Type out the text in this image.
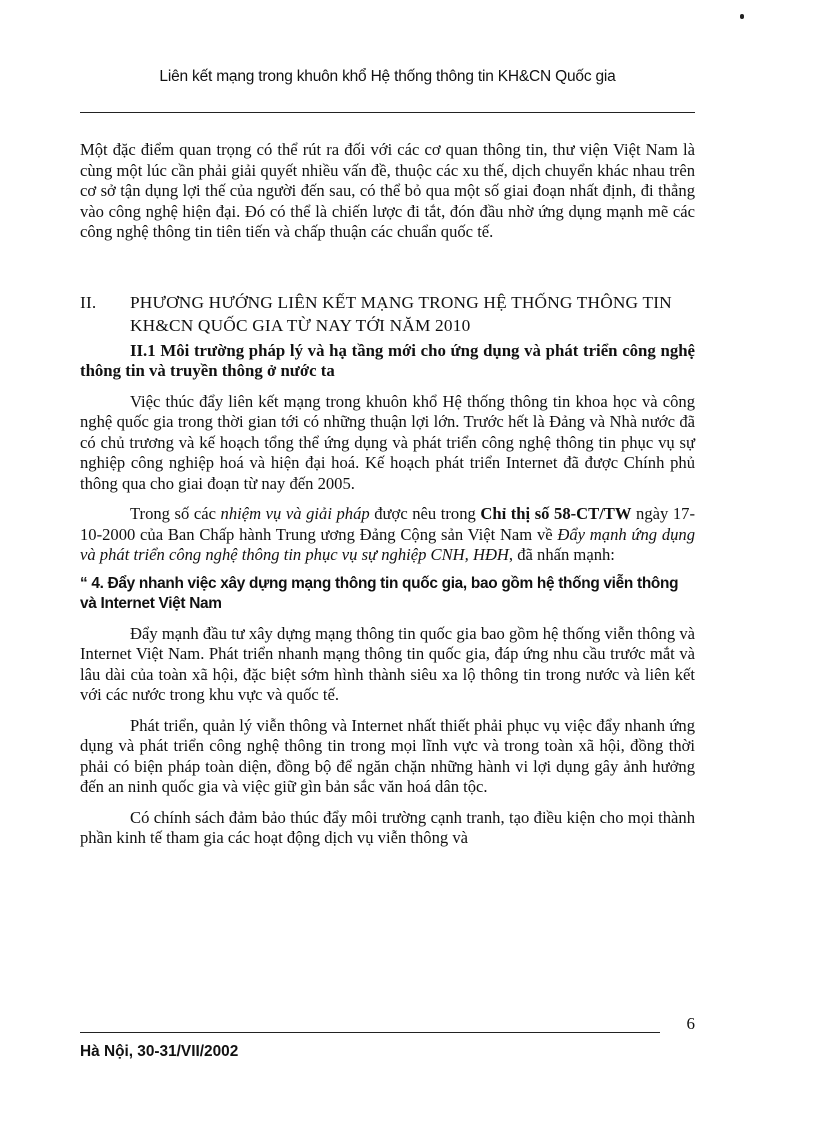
Liên kết mạng trong khuôn khổ Hệ thống thông tin KH&CN Quốc gia

Một đặc điểm quan trọng có thể rút ra đối với các cơ quan thông tin, thư viện Việt Nam là cùng một lúc cần phải giải quyết nhiều vấn đề, thuộc các xu thế, dịch chuyển khác nhau trên cơ sở tận dụng lợi thế của người đến sau, có thể bỏ qua một số giai đoạn nhất định, đi thẳng vào công nghệ hiện đại. Đó có thể là chiến lược đi tắt, đón đầu nhờ ứng dụng mạnh mẽ các công nghệ thông tin tiên tiến và chấp thuận các chuẩn quốc tế.

II.	PHƯƠNG HƯỚNG LIÊN KẾT MẠNG TRONG HỆ THỐNG THÔNG TIN KH&CN QUỐC GIA TỪ NAY TỚI NĂM 2010
II.1 Môi trường pháp lý và hạ tầng mới cho ứng dụng và phát triển công nghệ thông tin và truyền thông ở nước ta

Việc thúc đẩy liên kết mạng trong khuôn khổ Hệ thống thông tin khoa học và công nghệ quốc gia trong thời gian tới có những thuận lợi lớn. Trước hết là Đảng và Nhà nước đã có chủ trương và kế hoạch tổng thể ứng dụng và phát triển công nghệ thông tin phục vụ sự nghiệp công nghiệp hoá và hiện đại hoá. Kế hoạch phát triển Internet đã được Chính phủ thông qua cho giai đoạn từ nay đến 2005.

Trong số các nhiệm vụ và giải pháp được nêu trong Chỉ thị số 58-CT/TW ngày 17-10-2000 của Ban Chấp hành Trung ương Đảng Cộng sản Việt Nam về Đẩy mạnh ứng dụng và phát triển công nghệ thông tin phục vụ sự nghiệp CNH, HĐH, đã nhấn mạnh:

“ 4. Đẩy nhanh việc xây dựng mạng thông tin quốc gia, bao gồm hệ thống viễn thông và Internet Việt Nam

Đẩy mạnh đầu tư xây dựng mạng thông tin quốc gia bao gồm hệ thống viễn thông và Internet Việt Nam. Phát triển nhanh mạng thông tin quốc gia, đáp ứng nhu cầu trước mắt và lâu dài của toàn xã hội, đặc biệt sớm hình thành siêu xa lộ thông tin trong nước và liên kết với các nước trong khu vực và quốc tế.

Phát triển, quản lý viễn thông và Internet nhất thiết phải phục vụ việc đẩy nhanh ứng dụng và phát triển công nghệ thông tin trong mọi lĩnh vực và trong toàn xã hội, đồng thời phải có biện pháp toàn diện, đồng bộ để ngăn chặn những hành vi lợi dụng gây ảnh hưởng đến an ninh quốc gia và việc giữ gìn bản sắc văn hoá dân tộc.

Có chính sách đảm bảo thúc đẩy môi trường cạnh tranh, tạo điều kiện cho mọi thành phần kinh tế tham gia các hoạt động dịch vụ viễn thông và

6
Hà Nội, 30-31/VII/2002
